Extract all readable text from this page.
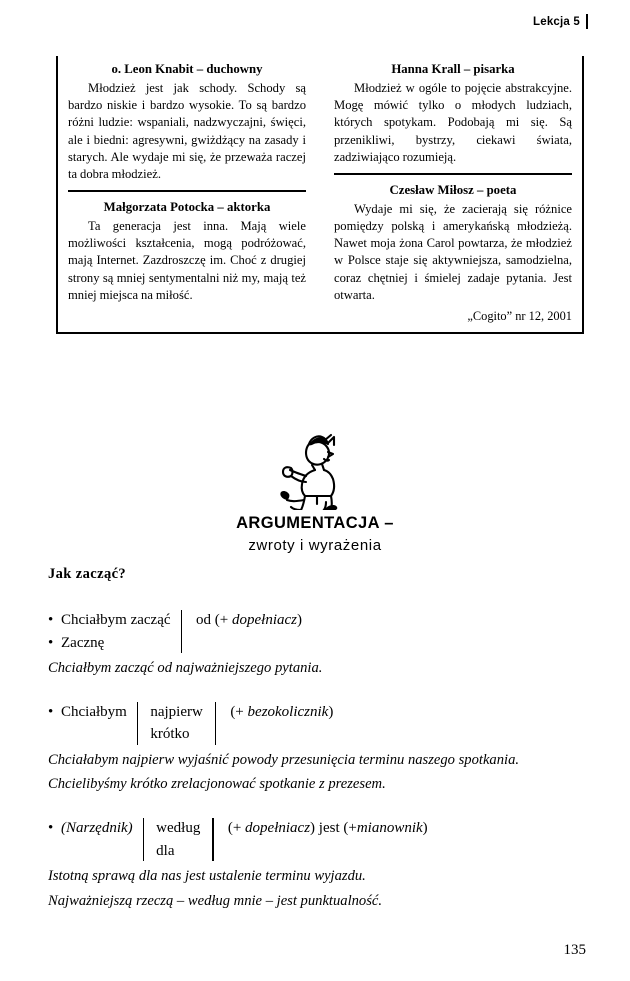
Lekcja 5
o. Leon Knabit – duchowny

Młodzież jest jak schody. Schody są bardzo niskie i bardzo wysokie. To są bardzo różni ludzie: wspaniali, nadzwyczajni, święci, ale i biedni: agresywni, gwiżdżący na zasady i starych. Ale wydaje mi się, że przeważa raczej ta dobra młodzież.

Małgorzata Potocka – aktorka

Ta generacja jest inna. Mają wiele możliwości kształcenia, mogą podróżować, mają Internet. Zazdroszczę im. Choć z drugiej strony są mniej sentymentalni niż my, mają też mniej miejsca na miłość.

Hanna Krall – pisarka

Młodzież w ogóle to pojęcie abstrakcyjne. Mogę mówić tylko o młodych ludziach, których spotykam. Podobają mi się. Są przenikliwi, bystrzy, ciekawi świata, zadziwiająco rozumieją.

Czesław Miłosz – poeta

Wydaje mi się, że zacierają się różnice pomiędzy polską i amerykańską młodzieżą. Nawet moja żona Carol powtarza, że młodzież w Polsce staje się aktywniejsza, samodzielna, coraz chętniej i śmielej zadaje pytania. Jest otwarta.

„Cogito” nr 12, 2001

ARGUMENTACJA –
zwroty i wyrażenia
Jak zacząć?
• Chciałbym zacząć
• Zacznę
od (+ dopełniacz)

Chciałbym zacząć od najważniejszego pytania.

• Chciałbym najpierw
krótko
(+ bezokolicznik)

Chciałabym najpierw wyjaśnić powody przesunięcia terminu naszego spotkania.

Chcielibyśmy krótko zrelacjonować spotkanie z prezesem.

• (Narzędnik) według
dla
(+ dopełniacz) jest (+mianownik)

Istotną sprawą dla nas jest ustalenie terminu wyjazdu.

Najważniejszą rzeczą – według mnie – jest punktualność.

135
